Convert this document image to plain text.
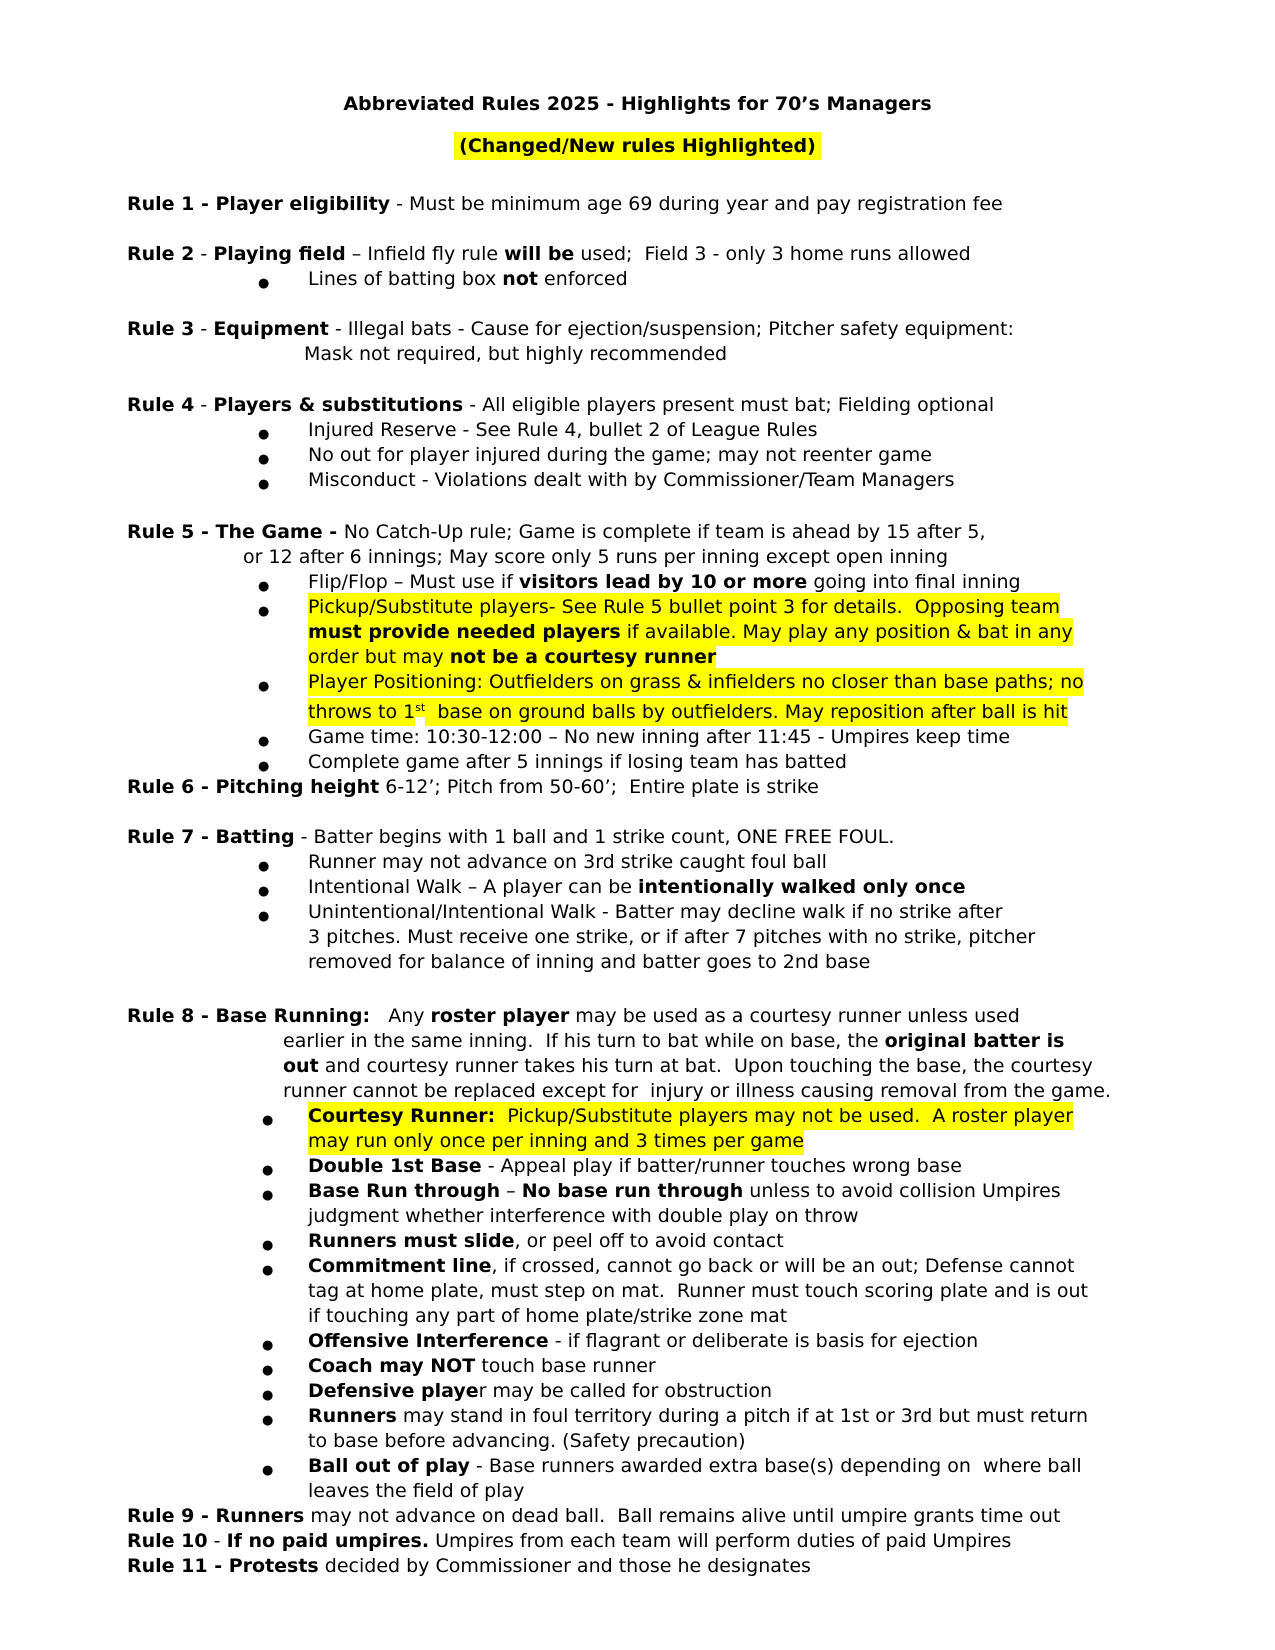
Abbreviated Rules 2025 - Highlights for 70’s Managers
(Changed/New rules Highlighted)
Rule 1 - Player eligibility - Must be minimum age 69 during year and pay registration fee
Rule 2 - Playing field – Infield fly rule will be used;  Field 3 - only 3 home runs allowed
● Lines of batting box not enforced
Rule 3 - Equipment - Illegal bats - Cause for ejection/suspension; Pitcher safety equipment:
Mask not required, but highly recommended
Rule 4 - Players & substitutions - All eligible players present must bat; Fielding optional
● Injured Reserve - See Rule 4, bullet 2 of League Rules
● No out for player injured during the game; may not reenter game
● Misconduct - Violations dealt with by Commissioner/Team Managers
Rule 5 - The Game - No Catch-Up rule; Game is complete if team is ahead by 15 after 5,
or 12 after 6 innings; May score only 5 runs per inning except open inning
● Flip/Flop – Must use if visitors lead by 10 or more going into final inning
● Pickup/Substitute players- See Rule 5 bullet point 3 for details.  Opposing team
must provide needed players if available. May play any position & bat in any
order but may not be a courtesy runner
● Player Positioning: Outfielders on grass & infielders no closer than base paths; no
throws to 1st  base on ground balls by outfielders. May reposition after ball is hit
● Game time: 10:30-12:00 – No new inning after 11:45 - Umpires keep time
● Complete game after 5 innings if losing team has batted
Rule 6 - Pitching height 6-12’; Pitch from 50-60’;  Entire plate is strike
Rule 7 - Batting - Batter begins with 1 ball and 1 strike count, ONE FREE FOUL.
● Runner may not advance on 3rd strike caught foul ball
● Intentional Walk – A player can be intentionally walked only once
● Unintentional/Intentional Walk - Batter may decline walk if no strike after
3 pitches. Must receive one strike, or if after 7 pitches with no strike, pitcher
removed for balance of inning and batter goes to 2nd base
Rule 8 - Base Running:   Any roster player may be used as a courtesy runner unless used
earlier in the same inning.  If his turn to bat while on base, the original batter is
out and courtesy runner takes his turn at bat.  Upon touching the base, the courtesy
runner cannot be replaced except for  injury or illness causing removal from the game.
● Courtesy Runner:  Pickup/Substitute players may not be used.  A roster player
may run only once per inning and 3 times per game
● Double 1st Base - Appeal play if batter/runner touches wrong base
● Base Run through – No base run through unless to avoid collision Umpires
judgment whether interference with double play on throw
● Runners must slide, or peel off to avoid contact
● Commitment line, if crossed, cannot go back or will be an out; Defense cannot
tag at home plate, must step on mat.  Runner must touch scoring plate and is out
if touching any part of home plate/strike zone mat
● Offensive Interference - if flagrant or deliberate is basis for ejection
● Coach may NOT touch base runner
● Defensive player may be called for obstruction
● Runners may stand in foul territory during a pitch if at 1st or 3rd but must return
to base before advancing. (Safety precaution)
● Ball out of play - Base runners awarded extra base(s) depending on  where ball
leaves the field of play
Rule 9 - Runners may not advance on dead ball.  Ball remains alive until umpire grants time out
Rule 10 - If no paid umpires. Umpires from each team will perform duties of paid Umpires
Rule 11 - Protests decided by Commissioner and those he designates
